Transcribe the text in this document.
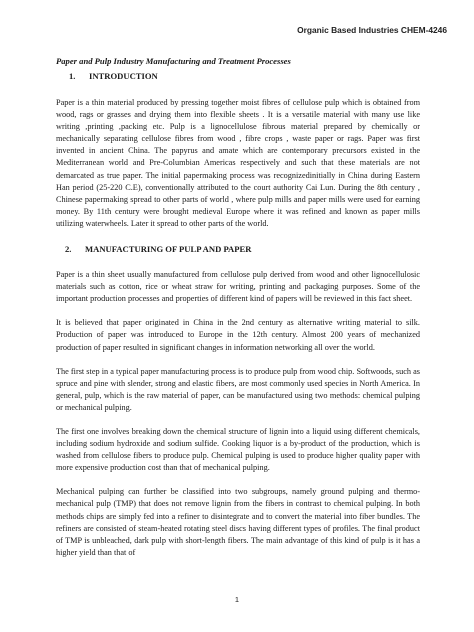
Organic Based Industries CHEM-4246
Paper and Pulp Industry Manufacturing and Treatment Processes
1. INTRODUCTION

Paper is a thin material produced by pressing together moist fibres of cellulose pulp which is obtained from wood, rags or grasses and drying them into flexible sheets . It is a versatile material with many use like writing ,printing ,packing etc. Pulp is a lignocellulose fibrous material prepared by chemically or mechanically separating cellulose fibres from wood , fibre crops , waste paper or rags. Paper was first invented in ancient China. The papyrus and amate which are contemporary precursors existed in the Mediterranean world and Pre-Columbian Americas respectively and such that these materials are not demarcated as true paper. The initial papermaking process was recognizedinitially in China during Eastern Han period (25-220 C.E), conventionally attributed to the court authority Cai Lun. During the 8th century , Chinese papermaking spread to other parts of world , where pulp mills and paper mills were used for earning money. By 11th century were brought medieval Europe where it was refined and known as paper mills utilizing waterwheels. Later it spread to other parts of the world.

2. MANUFACTURING OF PULP AND PAPER

Paper is a thin sheet usually manufactured from cellulose pulp derived from wood and other lignocellulosic materials such as cotton, rice or wheat straw for writing, printing and packaging purposes. Some of the important production processes and properties of different kind of papers will be reviewed in this fact sheet.

It is believed that paper originated in China in the 2nd century as alternative writing material to silk. Production of paper was introduced to Europe in the 12th century. Almost 200 years of mechanized production of paper resulted in significant changes in information networking all over the world.

The first step in a typical paper manufacturing process is to produce pulp from wood chip. Softwoods, such as spruce and pine with slender, strong and elastic fibers, are most commonly used species in North America. In general, pulp, which is the raw material of paper, can be manufactured using two methods: chemical pulping or mechanical pulping.

The first one involves breaking down the chemical structure of lignin into a liquid using different chemicals, including sodium hydroxide and sodium sulfide. Cooking liquor is a by-product of the production, which is washed from cellulose fibers to produce pulp. Chemical pulping is used to produce higher quality paper with more expensive production cost than that of mechanical pulping.

Mechanical pulping can further be classified into two subgroups, namely ground pulping and thermo-mechanical pulp (TMP) that does not remove lignin from the fibers in contrast to chemical pulping. In both methods chips are simply fed into a refiner to disintegrate and to convert the material into fiber bundles. The refiners are consisted of steam-heated rotating steel discs having different types of profiles. The final product of TMP is unbleached, dark pulp with short-length fibers. The main advantage of this kind of pulp is it has a higher yield than that of

1
